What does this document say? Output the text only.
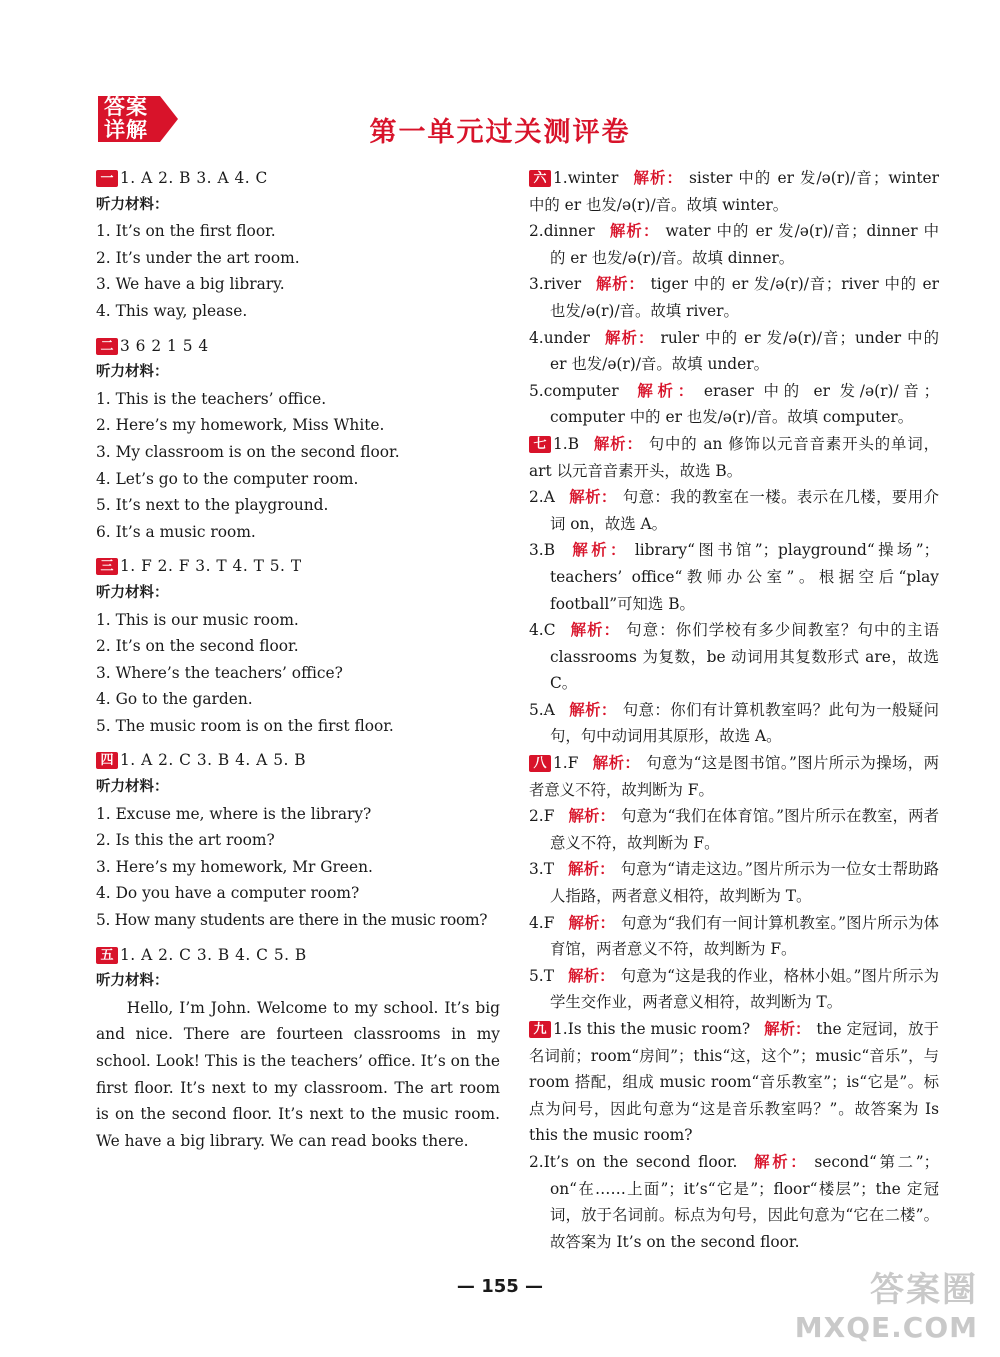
答案
详解	第一单元过关测评卷
一 1. A 2. B 3. A 4. C
听力材料：
1. It’s on the first floor.
2. It’s under the art room.
3. We have a big library.
4. This way, please.
二 3 6 2 1 5 4
听力材料：
1. This is the teachers’ office.
2. Here’s my homework, Miss White.
3. My classroom is on the second floor.
4. Let’s go to the computer room.
5. It’s next to the playground.
6. It’s a music room.
三 1. F 2. F 3. T 4. T 5. T
听力材料：
1. This is our music room.
2. It’s on the second floor.
3. Where’s the teachers’ office?
4. Go to the garden.
5. The music room is on the first floor.
四 1. A 2. C 3. B 4. A 5. B
听力材料：
1. Excuse me, where is the library?
2. Is this the art room?
3. Here’s my homework, Mr Green.
4. Do you have a computer room?
5. How many students are there in the music room?
五 1. A 2. C 3. B 4. C 5. B
听力材料：
Hello, I’m John. Welcome to my school. It’s big and nice. There are fourteen classrooms in my school. Look! This is the teachers’ office. It’s on the first floor. It’s next to my classroom. The art room is on the second floor. It’s next to the music room. We have a big library. We can read books there.
六 1.winter 解析： sister 中的 er 发/ə(r)/音；winter 中的 er 也发/ə(r)/音。故填 winter。
2.dinner 解析： water 中的 er 发/ə(r)/音；dinner 中的 er 也发/ə(r)/音。故填 dinner。
3.river 解析： tiger 中的 er 发/ə(r)/音；river 中的 er 也发/ə(r)/音。故填 river。
4.under 解析： ruler 中的 er 发/ə(r)/音；under 中的 er 也发/ə(r)/音。故填 under。
5.computer 解析： eraser 中的 er 发/ə(r)/音；computer 中的 er 也发/ə(r)/音。故填 computer。
七 1.B 解析： 句中的 an 修饰以元音音素开头的单词，art 以元音音素开头，故选 B。
2.A 解析： 句意：我的教室在一楼。表示在几楼，要用介词 on，故选 A。
3.B 解析： library“图书馆”；playground“操场”；teachers’ office“教师办公室”。根据空后“play football”可知选 B。
4.C 解析： 句意：你们学校有多少间教室？句中的主语 classrooms 为复数，be 动词用其复数形式 are，故选 C。
5.A 解析： 句意：你们有计算机教室吗？此句为一般疑问句，句中动词用其原形，故选 A。
八 1.F 解析： 句意为“这是图书馆。”图片所示为操场，两者意义不符，故判断为 F。
2.F 解析： 句意为“我们在体育馆。”图片所示在教室，两者意义不符，故判断为 F。
3.T 解析： 句意为“请走这边。”图片所示为一位女士帮助路人指路，两者意义相符，故判断为 T。
4.F 解析： 句意为“我们有一间计算机教室。”图片所示为体育馆，两者意义不符，故判断为 F。
5.T 解析： 句意为“这是我的作业，格林小姐。”图片所示为学生交作业，两者意义相符，故判断为 T。
九 1.Is this the music room? 解析： the 定冠词，放于名词前；room“房间”；this“这，这个”；music“音乐”，与 room 搭配，组成 music room“音乐教室”；is“它是”。标点为问号，因此句意为“这是音乐教室吗？”。故答案为 Is this the music room?
2.It’s on the second floor. 解析： second“第二”；on“在……上面”；it’s“它是”；floor“楼层”；the 定冠词，放于名词前。标点为句号，因此句意为“它在二楼”。故答案为 It’s on the second floor.
— 155 —	答案圈
MXQE.COM
